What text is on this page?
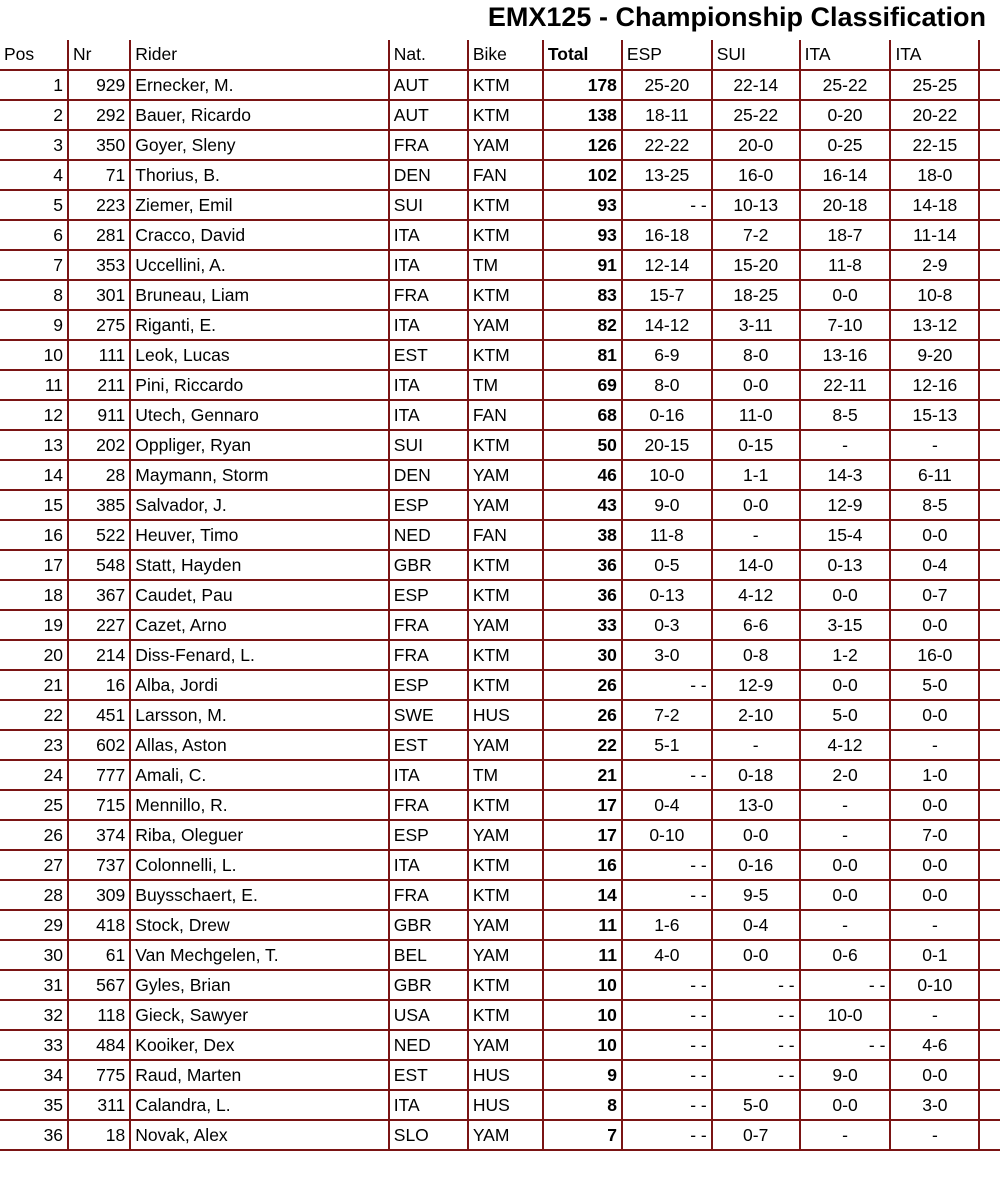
EMX125 - Championship Classification
Pos	Nr	Rider	Nat.	Bike	Total	ESP	SUI	ITA	ITA	
1	929	Ernecker, M.	AUT	KTM	178	25-20	22-14	25-22	25-25	
2	292	Bauer, Ricardo	AUT	KTM	138	18-11	25-22	0-20	20-22	
3	350	Goyer, Sleny	FRA	YAM	126	22-22	20-0	0-25	22-15	
4	71	Thorius, B.	DEN	FAN	102	13-25	16-0	16-14	18-0	
5	223	Ziemer, Emil	SUI	KTM	93	- -	10-13	20-18	14-18	
6	281	Cracco, David	ITA	KTM	93	16-18	7-2	18-7	11-14	
7	353	Uccellini, A.	ITA	TM	91	12-14	15-20	11-8	2-9	
8	301	Bruneau, Liam	FRA	KTM	83	15-7	18-25	0-0	10-8	
9	275	Riganti, E.	ITA	YAM	82	14-12	3-11	7-10	13-12	
10	111	Leok, Lucas	EST	KTM	81	6-9	8-0	13-16	9-20	
11	211	Pini, Riccardo	ITA	TM	69	8-0	0-0	22-11	12-16	
12	911	Utech, Gennaro	ITA	FAN	68	0-16	11-0	8-5	15-13	
13	202	Oppliger, Ryan	SUI	KTM	50	20-15	0-15	-	-	
14	28	Maymann, Storm	DEN	YAM	46	10-0	1-1	14-3	6-11	
15	385	Salvador, J.	ESP	YAM	43	9-0	0-0	12-9	8-5	
16	522	Heuver, Timo	NED	FAN	38	11-8	-	15-4	0-0	
17	548	Statt, Hayden	GBR	KTM	36	0-5	14-0	0-13	0-4	
18	367	Caudet, Pau	ESP	KTM	36	0-13	4-12	0-0	0-7	
19	227	Cazet, Arno	FRA	YAM	33	0-3	6-6	3-15	0-0	
20	214	Diss-Fenard, L.	FRA	KTM	30	3-0	0-8	1-2	16-0	
21	16	Alba, Jordi	ESP	KTM	26	- -	12-9	0-0	5-0	
22	451	Larsson, M.	SWE	HUS	26	7-2	2-10	5-0	0-0	
23	602	Allas, Aston	EST	YAM	22	5-1	-	4-12	-	
24	777	Amali, C.	ITA	TM	21	- -	0-18	2-0	1-0	
25	715	Mennillo, R.	FRA	KTM	17	0-4	13-0	-	0-0	
26	374	Riba, Oleguer	ESP	YAM	17	0-10	0-0	-	7-0	
27	737	Colonnelli, L.	ITA	KTM	16	- -	0-16	0-0	0-0	
28	309	Buysschaert, E.	FRA	KTM	14	- -	9-5	0-0	0-0	
29	418	Stock, Drew	GBR	YAM	11	1-6	0-4	-	-	
30	61	Van Mechgelen, T.	BEL	YAM	11	4-0	0-0	0-6	0-1	
31	567	Gyles, Brian	GBR	KTM	10	- -	- -	- -	0-10	
32	118	Gieck, Sawyer	USA	KTM	10	- -	- -	10-0	-	
33	484	Kooiker, Dex	NED	YAM	10	- -	- -	- -	4-6	
34	775	Raud, Marten	EST	HUS	9	- -	- -	9-0	0-0	
35	311	Calandra, L.	ITA	HUS	8	- -	5-0	0-0	3-0	
36	18	Novak, Alex	SLO	YAM	7	- -	0-7	-	-	
